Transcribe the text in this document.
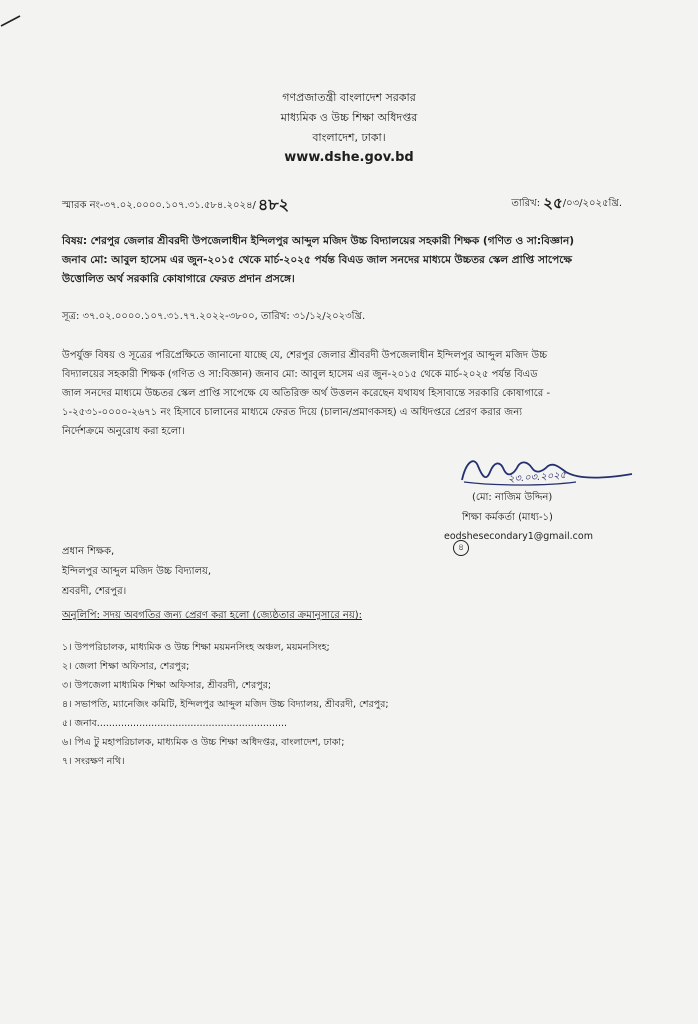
গণপ্রজাতন্ত্রী বাংলাদেশ সরকার
মাধ্যমিক ও উচ্চ শিক্ষা অধিদপ্তর
বাংলাদেশ, ঢাকা।
www.dshe.gov.bd
স্মারক নং-৩৭.০২.০০০০.১০৭.৩১.৫৮৪.২০২৪/ ৪৮২	তারিখ: ২৫/০৩/২০২৫খ্রি.

বিষয়: শেরপুর জেলার শ্রীবরদী উপজেলাধীন ইন্দিলপুর আব্দুল মজিদ উচ্চ বিদ্যালয়ের সহকারী শিক্ষক (গণিত ও সা:বিজ্ঞান)

জনাব মো: আবুল হাসেম এর জুন-২০১৫ থেকে মার্চ-২০২৫ পর্যন্ত বিএড জাল সনদের মাধ্যমে উচ্চতর স্কেল প্রাপ্তি সাপেক্ষে

উত্তোলিত অর্থ সরকারি কোষাগারে ফেরত প্রদান প্রসঙ্গে।

সূত্র: ৩৭.০২.০০০০.১০৭.৩১.৭৭.২০২২-৩৮০০, তারিখ: ৩১/১২/২০২৩খ্রি.

উপর্যুক্ত বিষয় ও সূত্রের পরিপ্রেক্ষিতে জানানো যাচ্ছে যে, শেরপুর জেলার শ্রীবরদী উপজেলাধীন ইন্দিলপুর আব্দুল মজিদ উচ্চ

বিদ্যালয়ের সহকারী শিক্ষক (গণিত ও সা:বিজ্ঞান) জনাব মো: আবুল হাসেম এর জুন-২০১৫ থেকে মার্চ-২০২৫ পর্যন্ত বিএড

জাল সনদের মাধ্যমে উচ্চতর স্কেল প্রাপ্তি সাপেক্ষে যে অতিরিক্ত অর্থ উত্তলন করেছেন যথাযথ হিসাবান্তে সরকারি কোষাগারে -

১-২৫৩১-০০০০-২৬৭১ নং হিসাবে চালানের মাধ্যমে ফেরত দিয়ে (চালান/প্রমাণকসহ) এ অধিদপ্তরে প্রেরণ করার জন্য

নির্দেশক্রমে অনুরোধ করা হলো।

২৩.০৩.২০২৫
(মো: নাজিম উদ্দিন)
শিক্ষা কর্মকর্তা (মাধ্য-১)
eodshesecondary1@gmail.com
৪
প্রধান শিক্ষক,
ইন্দিলপুর আব্দুল মজিদ উচ্চ বিদ্যালয়,
শ্রবরদী, শেরপুর।
অনুলিপি: সদয় অবগতির জন্য প্রেরণ করা হলো (জ্যেষ্ঠতার ক্রমানুসারে নয়):
১। উপপরিচালক, মাধ্যমিক ও উচ্চ শিক্ষা ময়মনসিংহ অঞ্চল, ময়মনসিংহ;
২। জেলা শিক্ষা অফিসার, শেরপুর;
৩। উপজেলা মাধ্যমিক শিক্ষা অফিসার, শ্রীবরদী, শেরপুর;
৪। সভাপতি, ম্যানেজিং কমিটি, ইন্দিলপুর আব্দুল মজিদ উচ্চ বিদ্যালয়, শ্রীবরদী, শেরপুর;
৫। জনাব...............................................................
৬। পিএ টু মহাপরিচালক, মাধ্যমিক ও উচ্চ শিক্ষা অধিদপ্তর, বাংলাদেশ, ঢাকা;
৭। সংরক্ষণ নথি।
